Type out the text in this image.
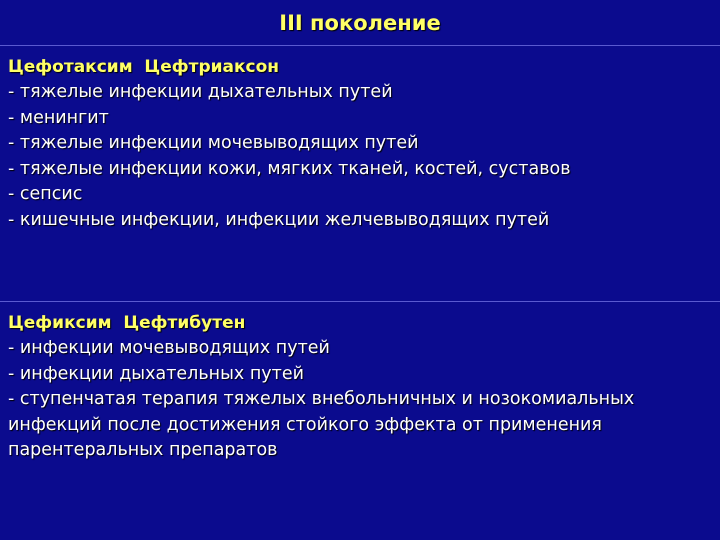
III поколение
Цефотаксим  Цефтриаксон

- тяжелые инфекции дыхательных путей

- менингит

- тяжелые инфекции мочевыводящих путей

- тяжелые инфекции кожи, мягких тканей, костей, суставов

- сепсис

- кишечные инфекции, инфекции желчевыводящих путей

Цефиксим  Цефтибутен

- инфекции мочевыводящих путей

- инфекции дыхательных путей

- ступенчатая терапия тяжелых внебольничных и нозокомиальных инфекций после достижения стойкого эффекта от применения парентеральных препаратов
